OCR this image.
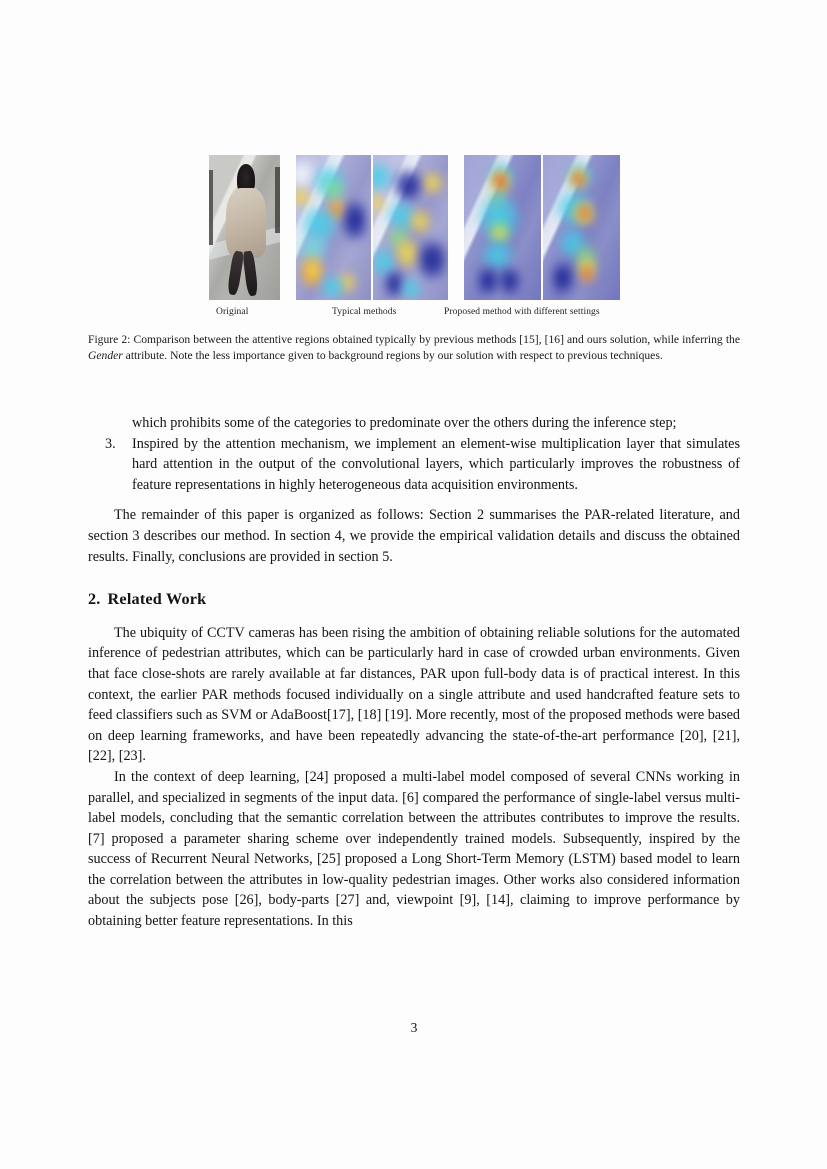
Original	Typical methods	Proposed method with different settings
Figure 2: Comparison between the attentive regions obtained typically by previous methods [15], [16] and ours solution, while inferring the Gender attribute. Note the less importance given to background regions by our solution with respect to previous techniques.

which prohibits some of the categories to predominate over the others during the inference step;

3. Inspired by the attention mechanism, we implement an element-wise multiplication layer that simulates hard attention in the output of the convolutional layers, which particularly improves the robustness of feature representations in highly heterogeneous data acquisition environments.

The remainder of this paper is organized as follows: Section 2 summarises the PAR-related literature, and section 3 describes our method. In section 4, we provide the empirical validation details and discuss the obtained results. Finally, conclusions are provided in section 5.

2. Related Work

The ubiquity of CCTV cameras has been rising the ambition of obtaining reliable solutions for the automated inference of pedestrian attributes, which can be particularly hard in case of crowded urban environments. Given that face close-shots are rarely available at far distances, PAR upon full-body data is of practical interest. In this context, the earlier PAR methods focused individually on a single attribute and used handcrafted feature sets to feed classifiers such as SVM or AdaBoost[17], [18] [19]. More recently, most of the proposed methods were based on deep learning frameworks, and have been repeatedly advancing the state-of-the-art performance [20], [21], [22], [23].

In the context of deep learning, [24] proposed a multi-label model composed of several CNNs working in parallel, and specialized in segments of the input data. [6] compared the performance of single-label versus multi-label models, concluding that the semantic correlation between the attributes contributes to improve the results. [7] proposed a parameter sharing scheme over independently trained models. Subsequently, inspired by the success of Recurrent Neural Networks, [25] proposed a Long Short-Term Memory (LSTM) based model to learn the correlation between the attributes in low-quality pedestrian images. Other works also considered information about the subjects pose [26], body-parts [27] and, viewpoint [9], [14], claiming to improve performance by obtaining better feature representations. In this

3
